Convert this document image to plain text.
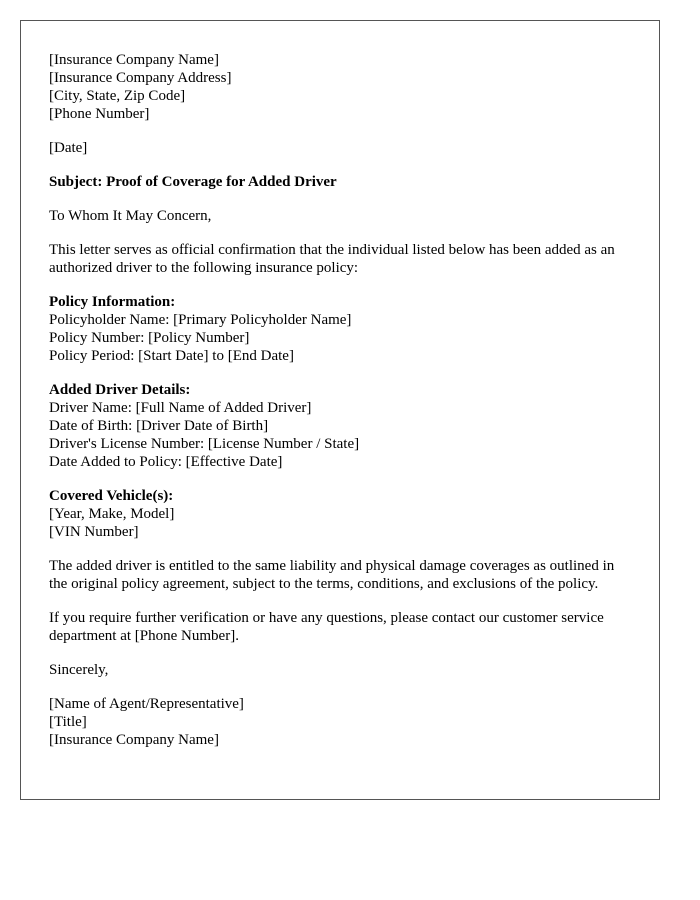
[Insurance Company Name]
[Insurance Company Address]
[City, State, Zip Code]
[Phone Number]
[Date]
Subject: Proof of Coverage for Added Driver
To Whom It May Concern,

This letter serves as official confirmation that the individual listed below has been added as an authorized driver to the following insurance policy:

Policy Information:
Policyholder Name: [Primary Policyholder Name]
Policy Number: [Policy Number]
Policy Period: [Start Date] to [End Date]
Added Driver Details:
Driver Name: [Full Name of Added Driver]
Date of Birth: [Driver Date of Birth]
Driver's License Number: [License Number / State]
Date Added to Policy: [Effective Date]
Covered Vehicle(s):
[Year, Make, Model]
[VIN Number]

The added driver is entitled to the same liability and physical damage coverages as outlined in the original policy agreement, subject to the terms, conditions, and exclusions of the policy.

If you require further verification or have any questions, please contact our customer service department at [Phone Number].

Sincerely,
[Name of Agent/Representative]
[Title]
[Insurance Company Name]
